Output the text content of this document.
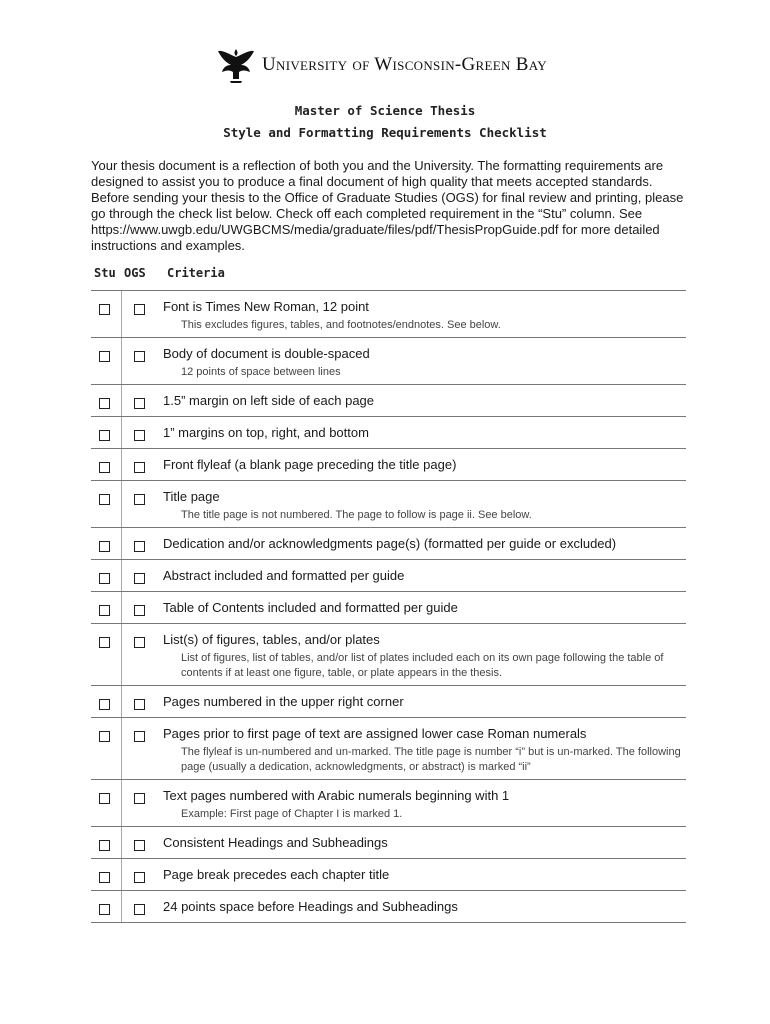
University of Wisconsin-Green Bay
Master of Science Thesis
Style and Formatting Requirements Checklist
Your thesis document is a reflection of both you and the University. The formatting requirements are designed to assist you to produce a final document of high quality that meets accepted standards. Before sending your thesis to the Office of Graduate Studies (OGS) for final review and printing, please go through the check list below. Check off each completed requirement in the “Stu” column. See https://www.uwgb.edu/UWGBCMS/media/graduate/files/pdf/ThesisPropGuide.pdf for more detailed instructions and examples.
Stu OGS Criteria
Font is Times New Roman, 12 point
This excludes figures, tables, and footnotes/endnotes. See below.
Body of document is double-spaced
12 points of space between lines
1.5” margin on left side of each page
1” margins on top, right, and bottom
Front flyleaf (a blank page preceding the title page)
Title page
The title page is not numbered. The page to follow is page ii. See below.
Dedication and/or acknowledgments page(s) (formatted per guide or excluded)
Abstract included and formatted per guide
Table of Contents included and formatted per guide
List(s) of figures, tables, and/or plates
List of figures, list of tables, and/or list of plates included each on its own page following the table of contents if at least one figure, table, or plate appears in the thesis.
Pages numbered in the upper right corner
Pages prior to first page of text are assigned lower case Roman numerals
The flyleaf is un-numbered and un-marked. The title page is number “i” but is un-marked. The following page (usually a dedication, acknowledgments, or abstract) is marked “ii”
Text pages numbered with Arabic numerals beginning with 1
Example: First page of Chapter I is marked 1.
Consistent Headings and Subheadings
Page break precedes each chapter title
24 points space before Headings and Subheadings
